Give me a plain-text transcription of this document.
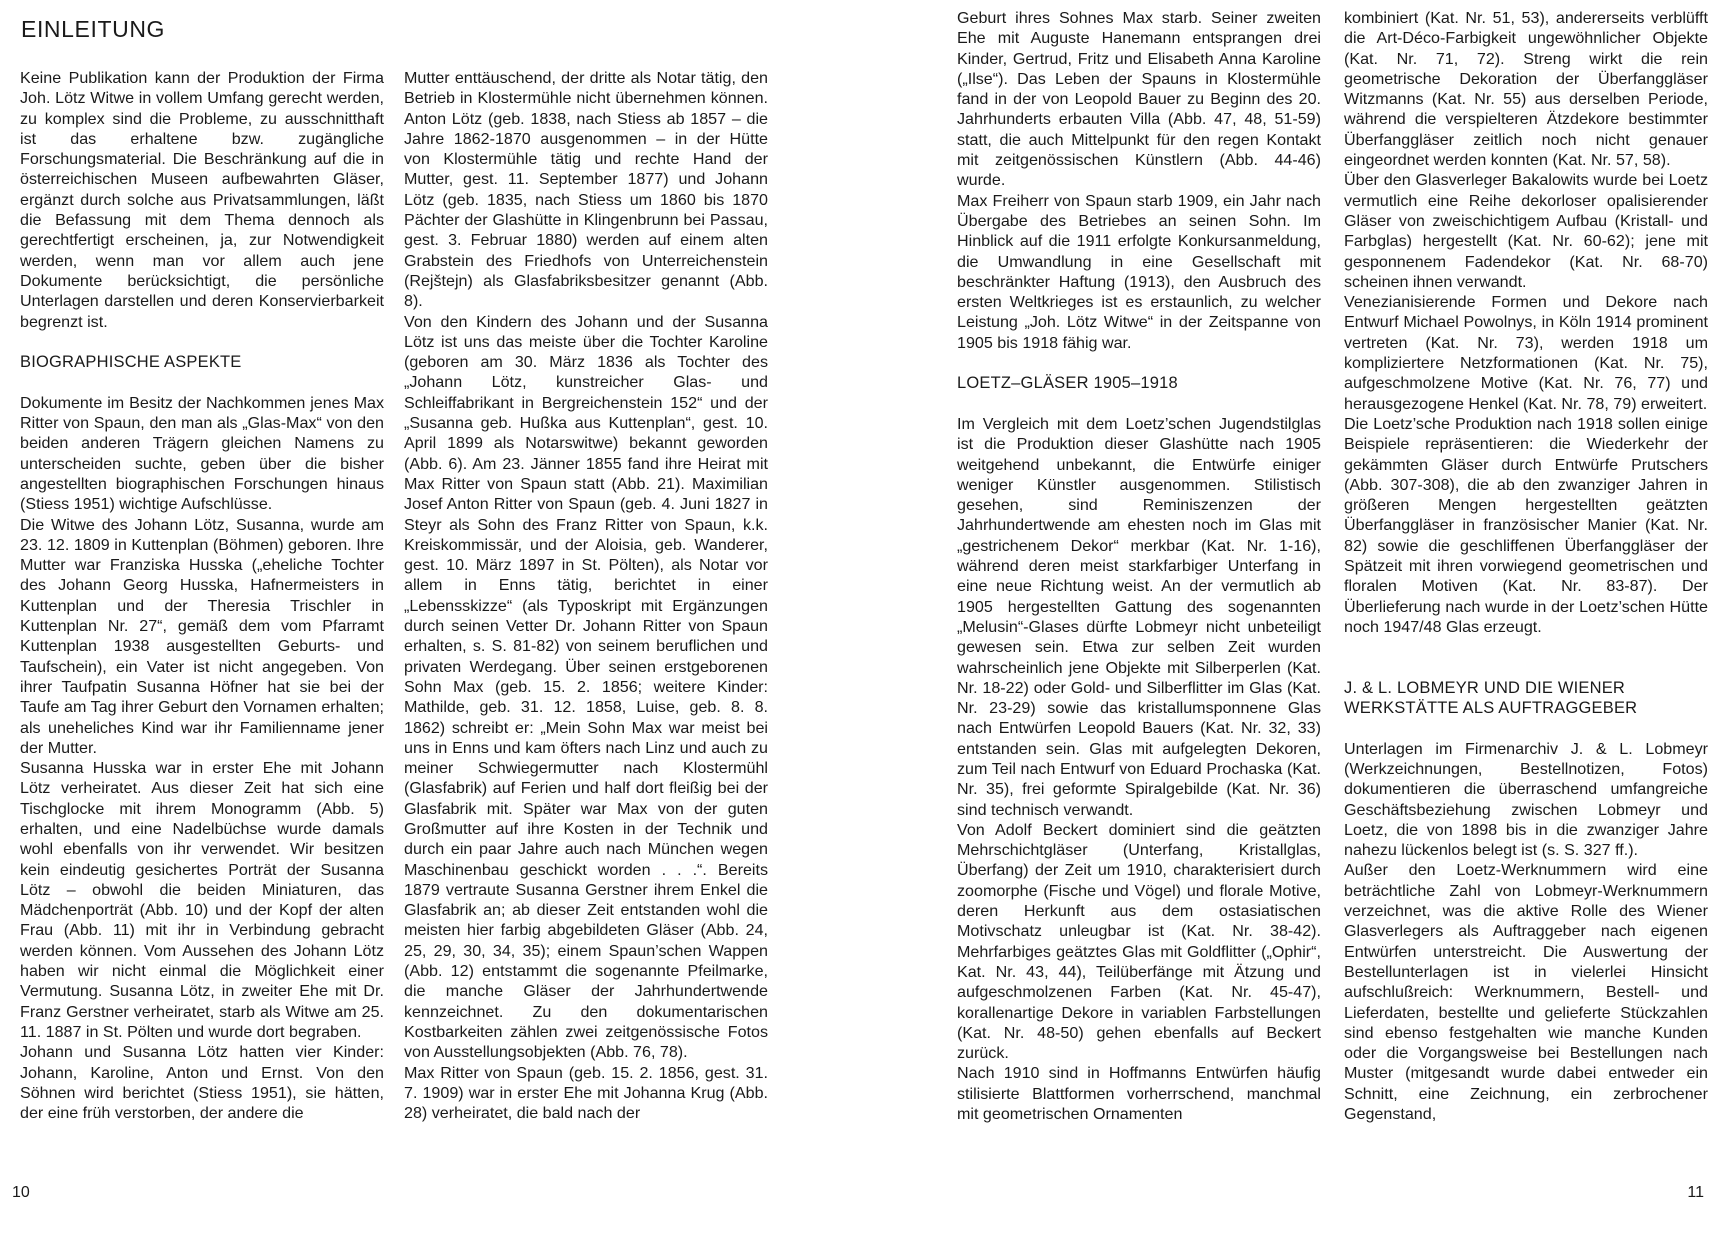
EINLEITUNG

Keine Publikation kann der Produktion der Firma Joh. Lötz Witwe in vollem Umfang gerecht werden, zu komplex sind die Probleme, zu ausschnitthaft ist das erhaltene bzw. zugängliche Forschungsmaterial. Die Beschränkung auf die in österreichischen Museen aufbewahrten Gläser, ergänzt durch solche aus Privatsammlungen, läßt die Befassung mit dem Thema dennoch als gerechtfertigt erscheinen, ja, zur Notwendigkeit werden, wenn man vor allem auch jene Dokumente berücksichtigt, die persönliche Unterlagen darstellen und deren Konservierbarkeit begrenzt ist.

BIOGRAPHISCHE ASPEKTE

Dokumente im Besitz der Nachkommen jenes Max Ritter von Spaun, den man als „Glas-Max“ von den beiden anderen Trägern gleichen Namens zu unterscheiden suchte, geben über die bisher angestellten biographischen Forschungen hinaus (Stiess 1951) wichtige Aufschlüsse.

Die Witwe des Johann Lötz, Susanna, wurde am 23. 12. 1809 in Kuttenplan (Böhmen) geboren. Ihre Mutter war Franziska Husska („eheliche Tochter des Johann Georg Husska, Hafnermeisters in Kuttenplan und der Theresia Trischler in Kuttenplan Nr. 27“, gemäß dem vom Pfarramt Kuttenplan 1938 ausgestellten Geburts- und Taufschein), ein Vater ist nicht angegeben. Von ihrer Taufpatin Susanna Höfner hat sie bei der Taufe am Tag ihrer Geburt den Vornamen erhalten; als uneheliches Kind war ihr Familienname jener der Mutter.

Susanna Husska war in erster Ehe mit Johann Lötz verheiratet. Aus dieser Zeit hat sich eine Tischglocke mit ihrem Monogramm (Abb. 5) erhalten, und eine Nadelbüchse wurde damals wohl ebenfalls von ihr verwendet. Wir besitzen kein eindeutig gesichertes Porträt der Susanna Lötz – obwohl die beiden Miniaturen, das Mädchenporträt (Abb. 10) und der Kopf der alten Frau (Abb. 11) mit ihr in Verbindung gebracht werden können. Vom Aussehen des Johann Lötz haben wir nicht einmal die Möglichkeit einer Vermutung. Susanna Lötz, in zweiter Ehe mit Dr. Franz Gerstner verheiratet, starb als Witwe am 25. 11. 1887 in St. Pölten und wurde dort begraben.

Johann und Susanna Lötz hatten vier Kinder: Johann, Karoline, Anton und Ernst. Von den Söhnen wird berichtet (Stiess 1951), sie hätten, der eine früh verstorben, der andere die

Mutter enttäuschend, der dritte als Notar tätig, den Betrieb in Klostermühle nicht übernehmen können. Anton Lötz (geb. 1838, nach Stiess ab 1857 – die Jahre 1862-1870 ausgenommen – in der Hütte von Klostermühle tätig und rechte Hand der Mutter, gest. 11. September 1877) und Johann Lötz (geb. 1835, nach Stiess um 1860 bis 1870 Pächter der Glashütte in Klingenbrunn bei Passau, gest. 3. Februar 1880) werden auf einem alten Grabstein des Friedhofs von Unterreichenstein (Rejštejn) als Glasfabriksbesitzer genannt (Abb. 8).

Von den Kindern des Johann und der Susanna Lötz ist uns das meiste über die Tochter Karoline (geboren am 30. März 1836 als Tochter des „Johann Lötz, kunstreicher Glas- und Schleiffabrikant in Bergreichenstein 152“ und der „Susanna geb. Hußka aus Kuttenplan“, gest. 10. April 1899 als Notarswitwe) bekannt geworden (Abb. 6). Am 23. Jänner 1855 fand ihre Heirat mit Max Ritter von Spaun statt (Abb. 21). Maximilian Josef Anton Ritter von Spaun (geb. 4. Juni 1827 in Steyr als Sohn des Franz Ritter von Spaun, k.k. Kreiskommissär, und der Aloisia, geb. Wanderer, gest. 10. März 1897 in St. Pölten), als Notar vor allem in Enns tätig, berichtet in einer „Lebensskizze“ (als Typoskript mit Ergänzungen durch seinen Vetter Dr. Johann Ritter von Spaun erhalten, s. S. 81-82) von seinem beruflichen und privaten Werdegang. Über seinen erstgeborenen Sohn Max (geb. 15. 2. 1856; weitere Kinder: Mathilde, geb. 31. 12. 1858, Luise, geb. 8. 8. 1862) schreibt er: „Mein Sohn Max war meist bei uns in Enns und kam öfters nach Linz und auch zu meiner Schwiegermutter nach Klostermühl (Glasfabrik) auf Ferien und half dort fleißig bei der Glasfabrik mit. Später war Max von der guten Großmutter auf ihre Kosten in der Technik und durch ein paar Jahre auch nach München wegen Maschinenbau geschickt worden . . .“. Bereits 1879 vertraute Susanna Gerstner ihrem Enkel die Glasfabrik an; ab dieser Zeit entstanden wohl die meisten hier farbig abgebildeten Gläser (Abb. 24, 25, 29, 30, 34, 35); einem Spaun’schen Wappen (Abb. 12) entstammt die sogenannte Pfeilmarke, die manche Gläser der Jahrhundertwende kennzeichnet. Zu den dokumentarischen Kostbarkeiten zählen zwei zeitgenössische Fotos von Ausstellungsobjekten (Abb. 76, 78).

Max Ritter von Spaun (geb. 15. 2. 1856, gest. 31. 7. 1909) war in erster Ehe mit Johanna Krug (Abb. 28) verheiratet, die bald nach der

10

Geburt ihres Sohnes Max starb. Seiner zweiten Ehe mit Auguste Hanemann entsprangen drei Kinder, Gertrud, Fritz und Elisabeth Anna Karoline („Ilse“). Das Leben der Spauns in Klostermühle fand in der von Leopold Bauer zu Beginn des 20. Jahrhunderts erbauten Villa (Abb. 47, 48, 51-59) statt, die auch Mittelpunkt für den regen Kontakt mit zeitgenössischen Künstlern (Abb. 44-46) wurde.

Max Freiherr von Spaun starb 1909, ein Jahr nach Übergabe des Betriebes an seinen Sohn. Im Hinblick auf die 1911 erfolgte Konkursanmeldung, die Umwandlung in eine Gesellschaft mit beschränkter Haftung (1913), den Ausbruch des ersten Weltkrieges ist es erstaunlich, zu welcher Leistung „Joh. Lötz Witwe“ in der Zeitspanne von 1905 bis 1918 fähig war.

LOETZ–GLÄSER 1905–1918

Im Vergleich mit dem Loetz’schen Jugendstilglas ist die Produktion dieser Glashütte nach 1905 weitgehend unbekannt, die Entwürfe einiger weniger Künstler ausgenommen. Stilistisch gesehen, sind Reminiszenzen der Jahrhundertwende am ehesten noch im Glas mit „gestrichenem Dekor“ merkbar (Kat. Nr. 1-16), während deren meist starkfarbiger Unterfang in eine neue Richtung weist. An der vermutlich ab 1905 hergestellten Gattung des sogenannten „Melusin“-Glases dürfte Lobmeyr nicht unbeteiligt gewesen sein. Etwa zur selben Zeit wurden wahrscheinlich jene Objekte mit Silberperlen (Kat. Nr. 18-22) oder Gold- und Silberflitter im Glas (Kat. Nr. 23-29) sowie das kristallumsponnene Glas nach Entwürfen Leopold Bauers (Kat. Nr. 32, 33) entstanden sein. Glas mit aufgelegten Dekoren, zum Teil nach Entwurf von Eduard Prochaska (Kat. Nr. 35), frei geformte Spiralgebilde (Kat. Nr. 36) sind technisch verwandt.

Von Adolf Beckert dominiert sind die geätzten Mehrschichtgläser (Unterfang, Kristallglas, Überfang) der Zeit um 1910, charakterisiert durch zoomorphe (Fische und Vögel) und florale Motive, deren Herkunft aus dem ostasiatischen Motivschatz unleugbar ist (Kat. Nr. 38-42). Mehrfarbiges geätztes Glas mit Goldflitter („Ophir“, Kat. Nr. 43, 44), Teilüberfänge mit Ätzung und aufgeschmolzenen Farben (Kat. Nr. 45-47), korallenartige Dekore in variablen Farbstellungen (Kat. Nr. 48-50) gehen ebenfalls auf Beckert zurück.

Nach 1910 sind in Hoffmanns Entwürfen häufig stilisierte Blattformen vorherrschend, manchmal mit geometrischen Ornamenten

kombiniert (Kat. Nr. 51, 53), andererseits verblüfft die Art-Déco-Farbigkeit ungewöhnlicher Objekte (Kat. Nr. 71, 72). Streng wirkt die rein geometrische Dekoration der Überfanggläser Witzmanns (Kat. Nr. 55) aus derselben Periode, während die verspielteren Ätzdekore bestimmter Überfanggläser zeitlich noch nicht genauer eingeordnet werden konnten (Kat. Nr. 57, 58).

Über den Glasverleger Bakalowits wurde bei Loetz vermutlich eine Reihe dekorloser opalisierender Gläser von zweischichtigem Aufbau (Kristall- und Farbglas) hergestellt (Kat. Nr. 60-62); jene mit gesponnenem Fadendekor (Kat. Nr. 68-70) scheinen ihnen verwandt.

Venezianisierende Formen und Dekore nach Entwurf Michael Powolnys, in Köln 1914 prominent vertreten (Kat. Nr. 73), werden 1918 um kompliziertere Netzformationen (Kat. Nr. 75), aufgeschmolzene Motive (Kat. Nr. 76, 77) und herausgezogene Henkel (Kat. Nr. 78, 79) erweitert.

Die Loetz’sche Produktion nach 1918 sollen einige Beispiele repräsentieren: die Wiederkehr der gekämmten Gläser durch Entwürfe Prutschers (Abb. 307-308), die ab den zwanziger Jahren in größeren Mengen hergestellten geätzten Überfanggläser in französischer Manier (Kat. Nr. 82) sowie die geschliffenen Überfanggläser der Spätzeit mit ihren vorwiegend geometrischen und floralen Motiven (Kat. Nr. 83-87). Der Überlieferung nach wurde in der Loetz’schen Hütte noch 1947/48 Glas erzeugt.

J. & L. LOBMEYR UND DIE WIENER WERKSTÄTTE ALS AUFTRAGGEBER

Unterlagen im Firmenarchiv J. & L. Lobmeyr (Werkzeichnungen, Bestellnotizen, Fotos) dokumentieren die überraschend umfangreiche Geschäftsbeziehung zwischen Lobmeyr und Loetz, die von 1898 bis in die zwanziger Jahre nahezu lückenlos belegt ist (s. S. 327 ff.).

Außer den Loetz-Werknummern wird eine beträchtliche Zahl von Lobmeyr-Werknummern verzeichnet, was die aktive Rolle des Wiener Glasverlegers als Auftraggeber nach eigenen Entwürfen unterstreicht. Die Auswertung der Bestellunterlagen ist in vielerlei Hinsicht aufschlußreich: Werknummern, Bestell- und Lieferdaten, bestellte und gelieferte Stückzahlen sind ebenso festgehalten wie manche Kunden oder die Vorgangsweise bei Bestellungen nach Muster (mitgesandt wurde dabei entweder ein Schnitt, eine Zeichnung, ein zerbrochener Gegenstand,

11
